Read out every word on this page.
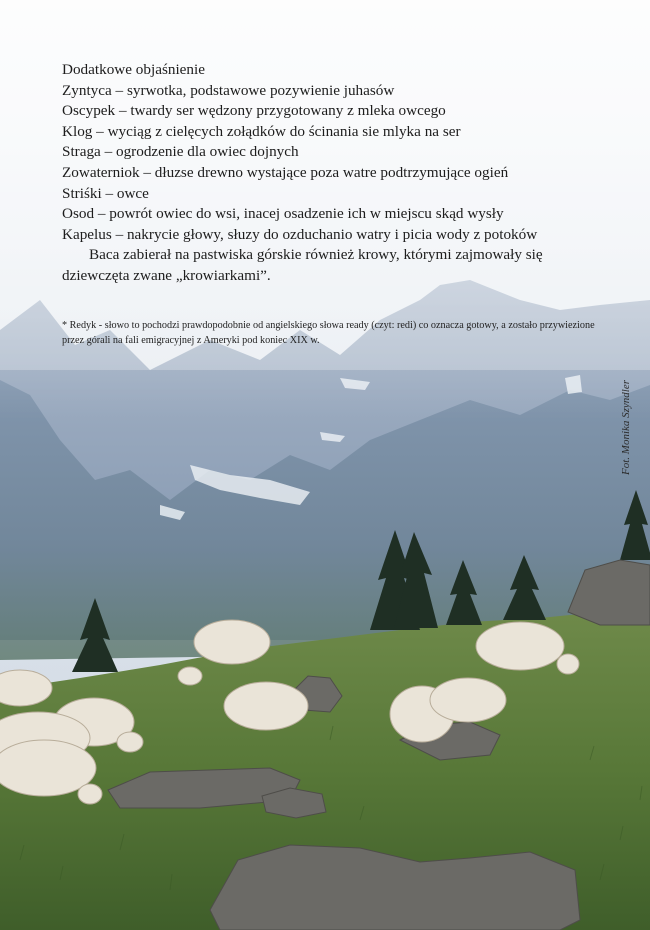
Dodatkowe objaśnienie
Zyntyca – syrwotka, podstawowe pozywienie juhasów
Oscypek – twardy ser wędzony przygotowany z mleka owcego
Klog – wyciąg z cielęcych zołądków do ścinania sie mlyka na ser
Straga – ogrodzenie dla owiec dojnych
Zowaterniok – dłuzse drewno wystające poza watre podtrzymujące ogień
Striśki – owce
Osod – powrót owiec do wsi, inacej osadzenie ich w miejscu skąd wysły
Kapelus – nakrycie głowy, słuzy do ozduchanio watry i picia wody z potoków
Baca zabierał na pastwiska górskie również krowy, którymi zajmowały się dziewczęta zwane „krowiarkami”.
* Redyk - słowo to pochodzi prawdopodobnie od angielskiego słowa ready (czyt: redi) co oznacza gotowy, a zostało przywiezione przez górali na fali emigracyjnej z Ameryki pod koniec XIX w.
Fot. Monika Szyndler
